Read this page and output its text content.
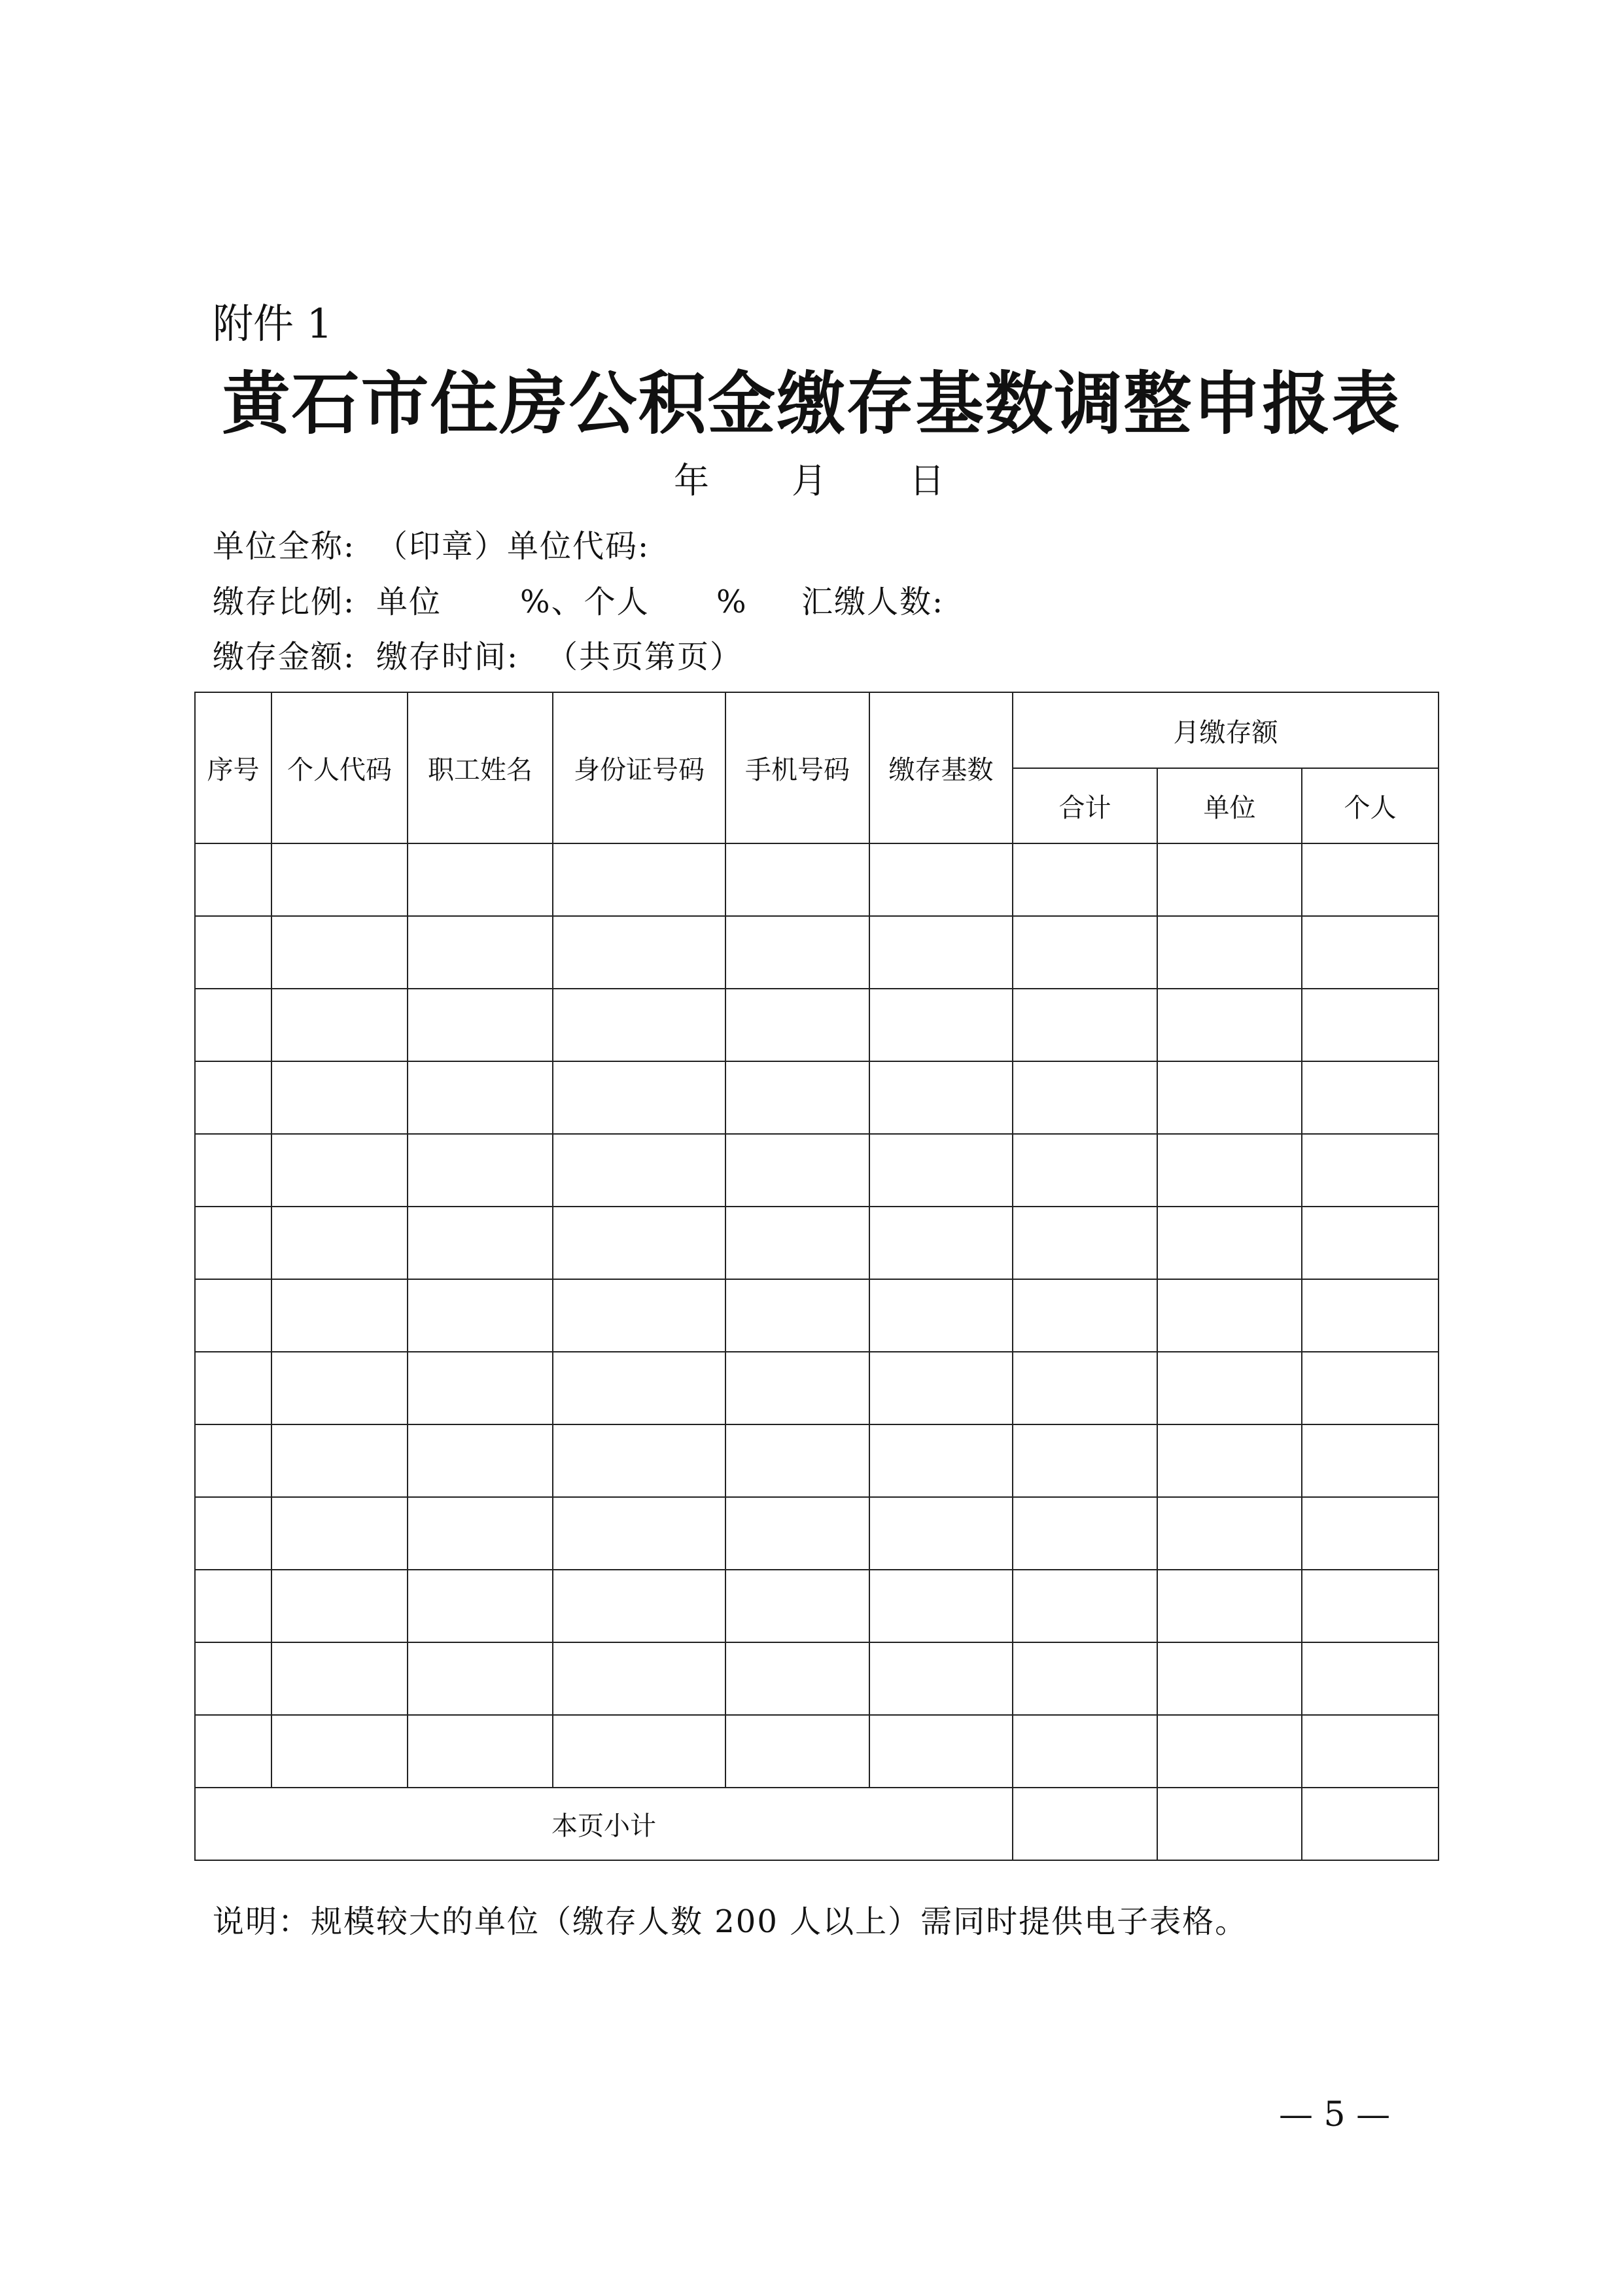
附件 1
黄石市住房公积金缴存基数调整申报表
年 月 日
单位全称: （印章）单位代码:
缴存比例: 单位 %、个人 % 汇缴人数:
缴存金额: 缴存时间: （共页第页）
序号	个人代码	职工姓名	身份证号码	手机号码	缴存基数	月缴存额		
						合计	单位	个人

本页小计								
说明：规模较大的单位（缴存人数 200 人以上）需同时提供电子表格。
— 5 —
